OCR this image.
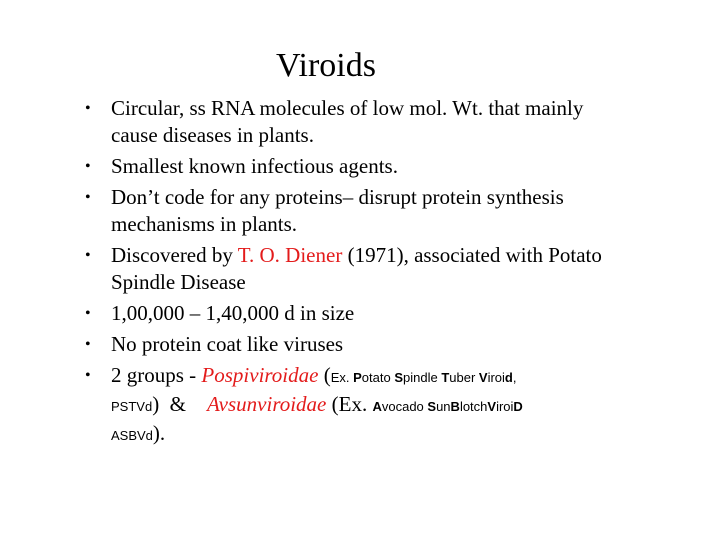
Viroids
• Circular, ss RNA molecules of low mol. Wt. that mainly cause diseases in plants.
• Smallest known infectious agents.
• Don’t code for any proteins– disrupt protein synthesis mechanisms in plants.
• Discovered by T. O. Diener (1971), associated with Potato Spindle Disease
• 1,00,000 – 1,40,000 d in size
• No protein coat like viruses
• 2 groups - Pospiviroidae (Ex. Potato Spindle Tuber Viroid,
PSTVd)  &    Avsunviroidae (Ex. Avocado SunBlotchViroiD
ASBVd).
